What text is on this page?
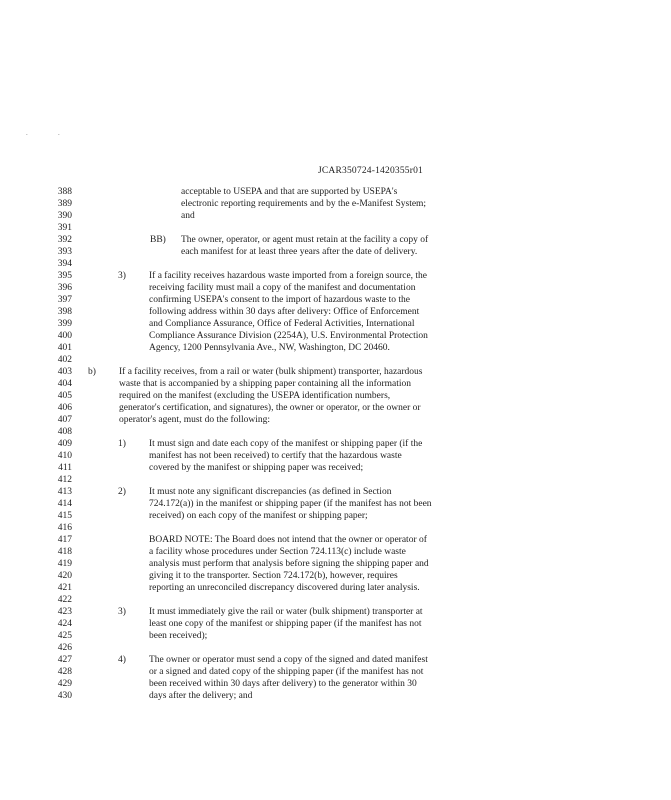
.	.
JCAR350724-1420355r01
388
389
390
391
392
393
394
395
396
397
398
399
400
401
402
403
404
405
406
407
408
409
410
411
412
413
414
415
416
417
418
419
420
421
422
423
424
425
426
427
428
429
430
acceptable to USEPA and that are supported by USEPA's
electronic reporting requirements and by the e-Manifest System;
and
BB) The owner, operator, or agent must retain at the facility a copy of
each manifest for at least three years after the date of delivery.
3) If a facility receives hazardous waste imported from a foreign source, the
receiving facility must mail a copy of the manifest and documentation
confirming USEPA's consent to the import of hazardous waste to the
following address within 30 days after delivery: Office of Enforcement
and Compliance Assurance, Office of Federal Activities, International
Compliance Assurance Division (2254A), U.S. Environmental Protection
Agency, 1200 Pennsylvania Ave., NW, Washington, DC 20460.
b) If a facility receives, from a rail or water (bulk shipment) transporter, hazardous
waste that is accompanied by a shipping paper containing all the information
required on the manifest (excluding the USEPA identification numbers,
generator's certification, and signatures), the owner or operator, or the owner or
operator's agent, must do the following:
1) It must sign and date each copy of the manifest or shipping paper (if the
manifest has not been received) to certify that the hazardous waste
covered by the manifest or shipping paper was received;
2) It must note any significant discrepancies (as defined in Section
724.172(a)) in the manifest or shipping paper (if the manifest has not been
received) on each copy of the manifest or shipping paper;
BOARD NOTE: The Board does not intend that the owner or operator of
a facility whose procedures under Section 724.113(c) include waste
analysis must perform that analysis before signing the shipping paper and
giving it to the transporter. Section 724.172(b), however, requires
reporting an unreconciled discrepancy discovered during later analysis.
3) It must immediately give the rail or water (bulk shipment) transporter at
least one copy of the manifest or shipping paper (if the manifest has not
been received);
4) The owner or operator must send a copy of the signed and dated manifest
or a signed and dated copy of the shipping paper (if the manifest has not
been received within 30 days after delivery) to the generator within 30
days after the delivery; and
